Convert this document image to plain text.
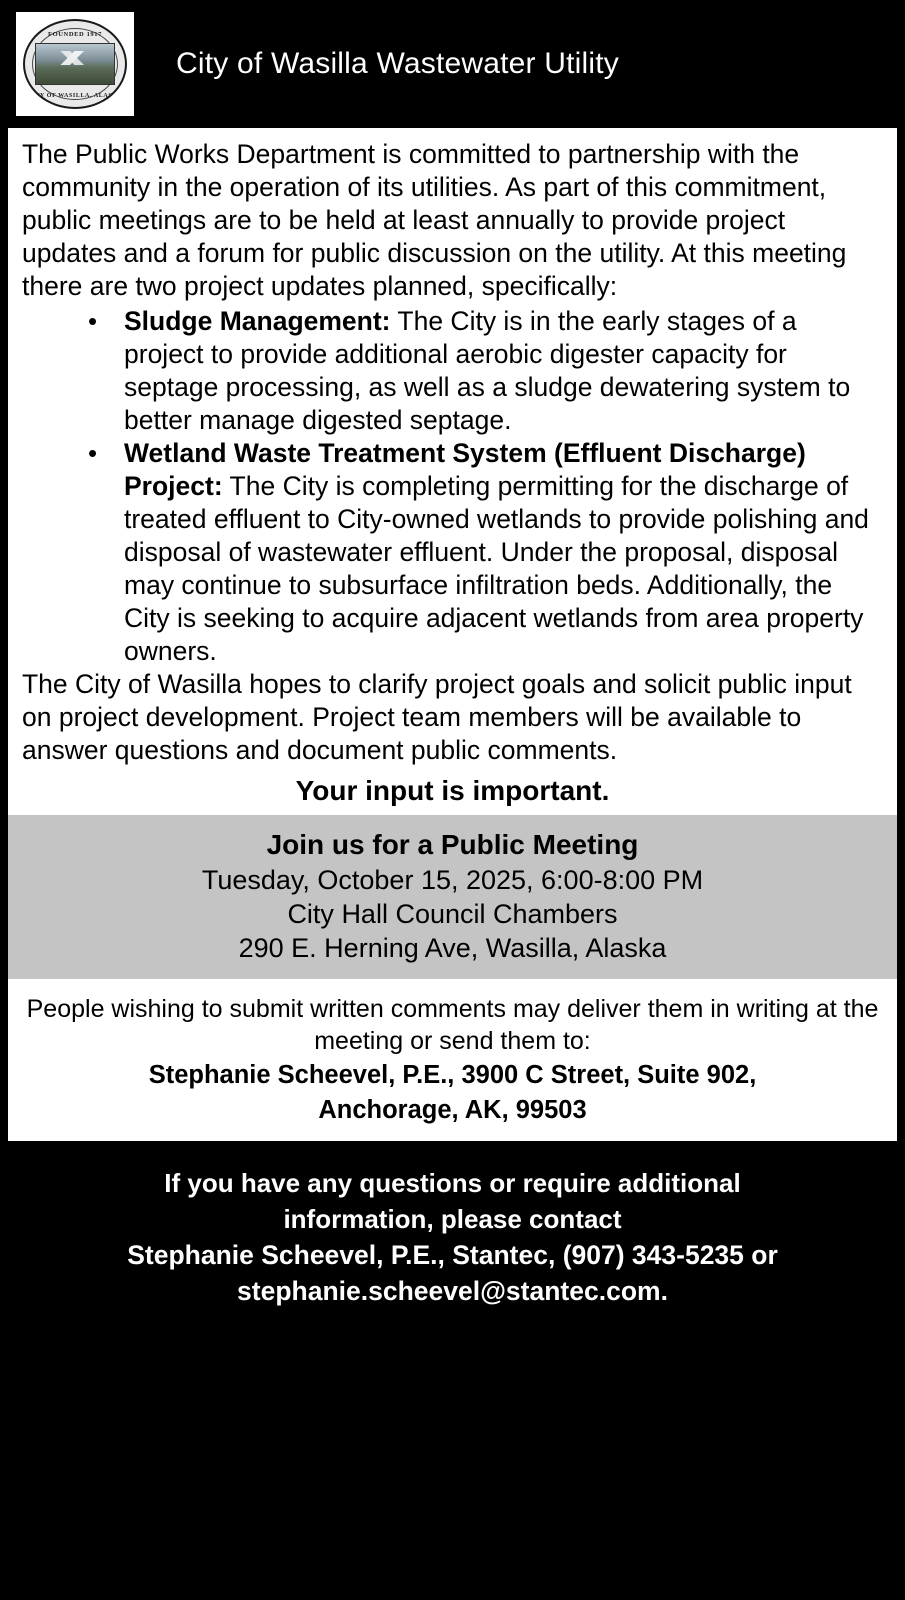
FOUNDED 1917
CITY OF WASILLA, ALASKA
City of Wasilla Wastewater Utility

The Public Works Department is committed to partnership with the community in the operation of its utilities. As part of this commitment, public meetings are to be held at least annually to provide project updates and a forum for public discussion on the utility. At this meeting there are two project updates planned, specifically:

• Sludge Management: The City is in the early stages of a project to provide additional aerobic digester capacity for septage processing, as well as a sludge dewatering system to better manage digested septage.
• Wetland Waste Treatment System (Effluent Discharge) Project: The City is completing permitting for the discharge of treated effluent to City-owned wetlands to provide polishing and disposal of wastewater effluent. Under the proposal, disposal may continue to subsurface infiltration beds. Additionally, the City is seeking to acquire adjacent wetlands from area property owners.

The City of Wasilla hopes to clarify project goals and solicit public input on project development. Project team members will be available to answer questions and document public comments.

Your input is important.
Join us for a Public Meeting
Tuesday, October 15, 2025, 6:00-8:00 PM
City Hall Council Chambers
290 E. Herning Ave, Wasilla, Alaska
People wishing to submit written comments may deliver them in writing at the meeting or send them to:
Stephanie Scheevel, P.E., 3900 C Street, Suite 902,
Anchorage, AK, 99503
If you have any questions or require additional
information, please contact
Stephanie Scheevel, P.E., Stantec, (907) 343-5235 or
stephanie.scheevel@stantec.com.
